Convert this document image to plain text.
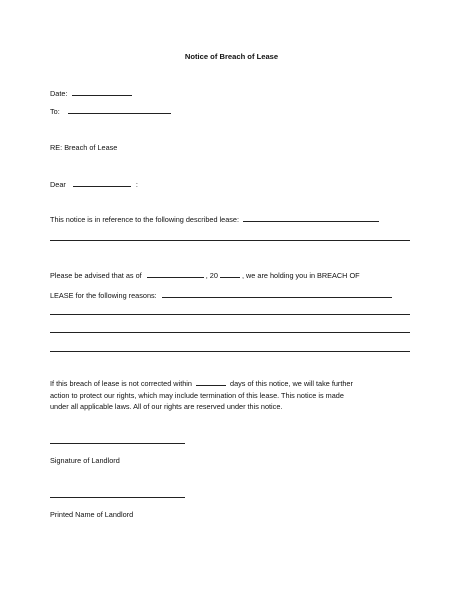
Notice of Breach of Lease
Date:
To:
RE: Breach of Lease
Dear	:
This notice is in reference to the following described lease:
Please be advised that as of	, 20	, we are holding you in BREACH OF
LEASE for the following reasons:
If this breach of lease is not corrected within	days of this notice, we will take further
action to protect our rights, which may include termination of this lease. This notice is made
under all applicable laws. All of our rights are reserved under this notice.
Signature of Landlord
Printed Name of Landlord
